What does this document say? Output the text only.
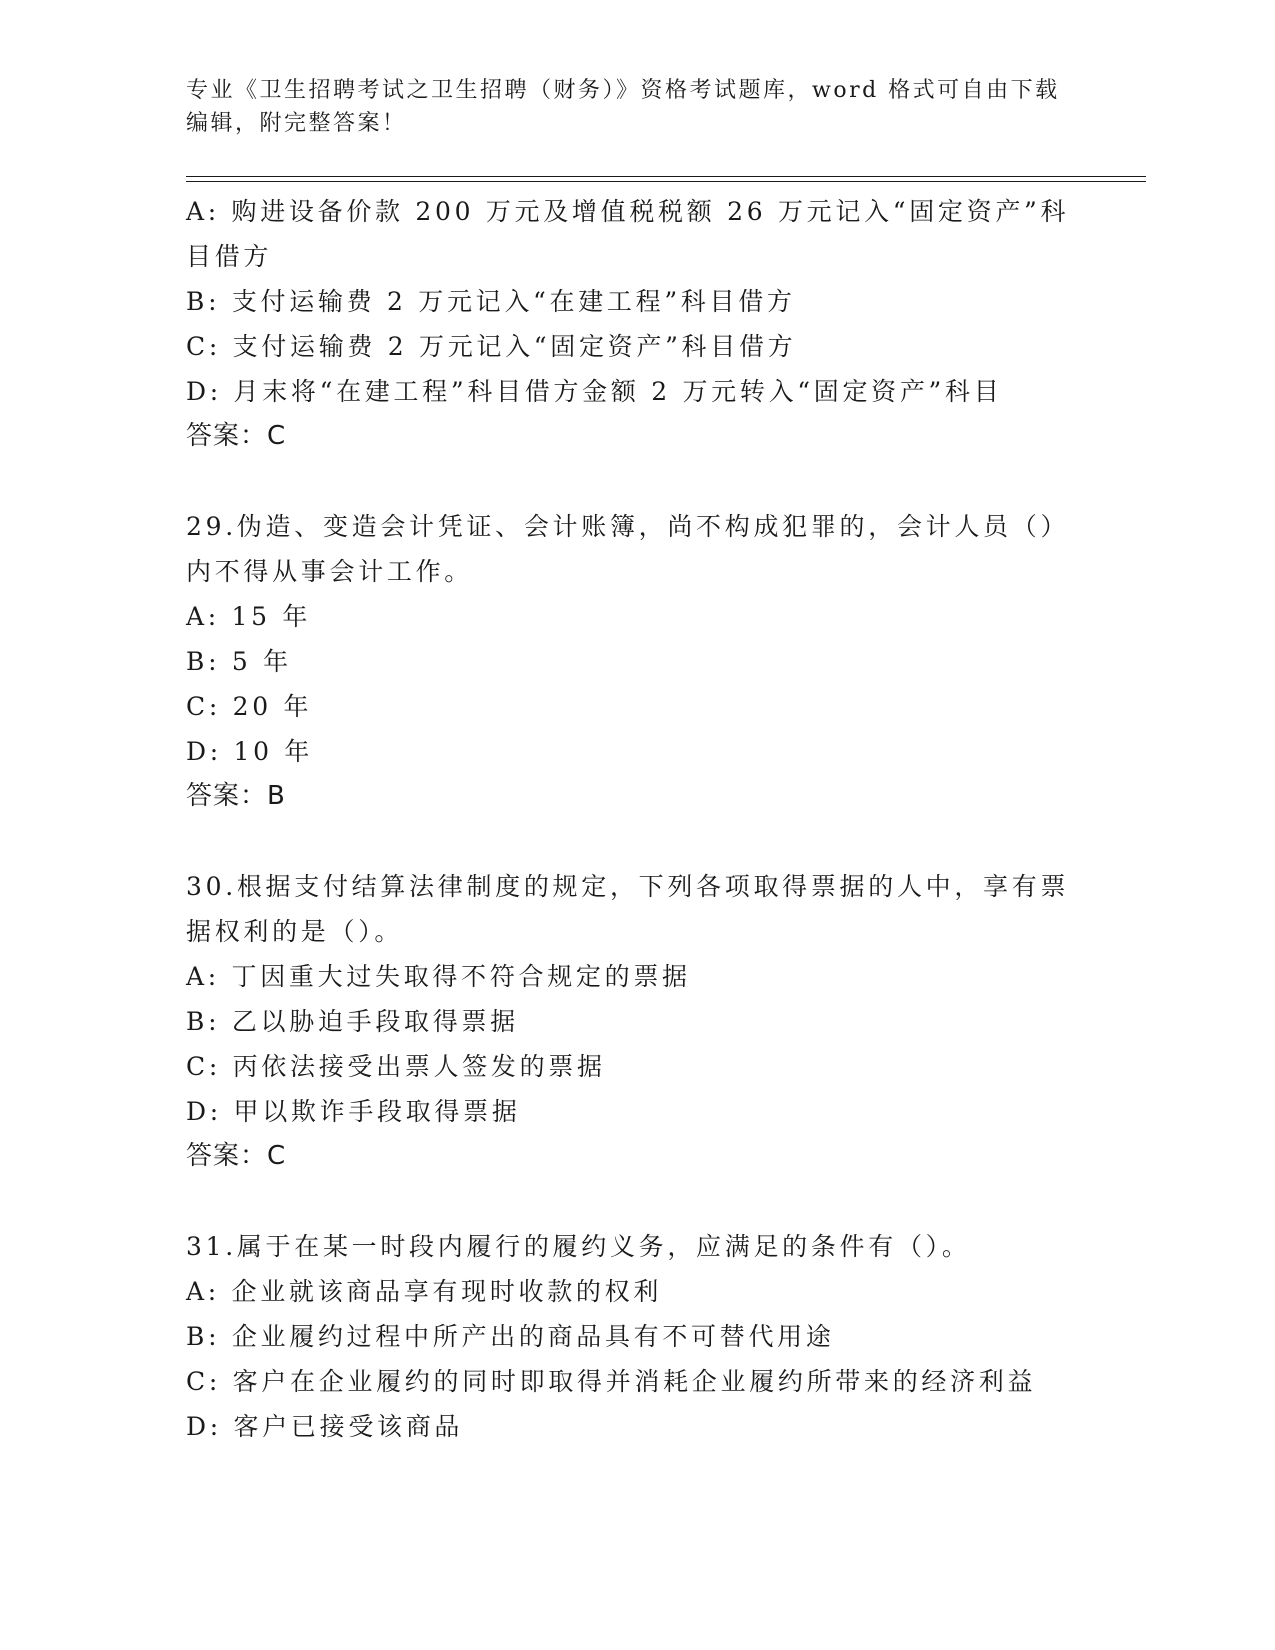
专业《卫生招聘考试之卫生招聘（财务）》资格考试题库，word 格式可自由下载
编辑，附完整答案！
A: 购进设备价款 200 万元及增值税税额 26 万元记入“固定资产”科
目借方
B: 支付运输费 2 万元记入“在建工程”科目借方
C: 支付运输费 2 万元记入“固定资产”科目借方
D: 月末将“在建工程”科目借方金额 2 万元转入“固定资产”科目
答案：C
29.伪造、变造会计凭证、会计账簿，尚不构成犯罪的，会计人员（）
内不得从事会计工作。
A: 15 年
B: 5 年
C: 20 年
D: 10 年
答案：B
30.根据支付结算法律制度的规定，下列各项取得票据的人中，享有票
据权利的是（）。
A: 丁因重大过失取得不符合规定的票据
B: 乙以胁迫手段取得票据
C: 丙依法接受出票人签发的票据
D: 甲以欺诈手段取得票据
答案：C
31.属于在某一时段内履行的履约义务，应满足的条件有（）。
A: 企业就该商品享有现时收款的权利
B: 企业履约过程中所产出的商品具有不可替代用途
C: 客户在企业履约的同时即取得并消耗企业履约所带来的经济利益
D: 客户已接受该商品
